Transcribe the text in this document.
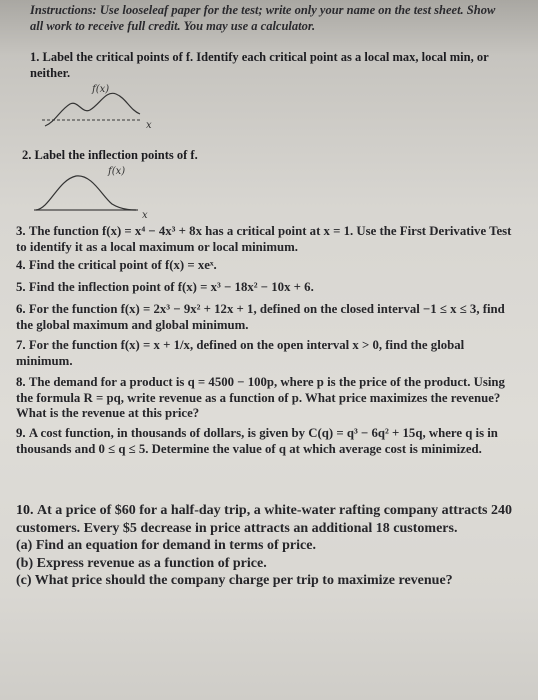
Instructions: Use looseleaf paper for the test; write only your name on the test sheet. Show all work to receive full credit. You may use a calculator.
1. Label the critical points of f. Identify each critical point as a local max, local min, or neither.
f(x)
x
2. Label the inflection points of f.
f(x)
x
3. The function f(x) = x⁴ − 4x³ + 8x has a critical point at x = 1. Use the First Derivative Test to identify it as a local maximum or local minimum.
4. Find the critical point of f(x) = xeˣ.
5. Find the inflection point of f(x) = x³ − 18x² − 10x + 6.
6. For the function f(x) = 2x³ − 9x² + 12x + 1, defined on the closed interval −1 ≤ x ≤ 3, find the global maximum and global minimum.
7. For the function f(x) = x + 1/x, defined on the open interval x > 0, find the global minimum.
8. The demand for a product is q = 4500 − 100p, where p is the price of the product. Using the formula R = pq, write revenue as a function of p. What price maximizes the revenue? What is the revenue at this price?
9. A cost function, in thousands of dollars, is given by C(q) = q³ − 6q² + 15q, where q is in thousands and 0 ≤ q ≤ 5. Determine the value of q at which average cost is minimized.
10. At a price of $60 for a half-day trip, a white-water rafting company attracts 240 customers. Every $5 decrease in price attracts an additional 18 customers.
(a) Find an equation for demand in terms of price.
(b) Express revenue as a function of price.
(c) What price should the company charge per trip to maximize revenue?
